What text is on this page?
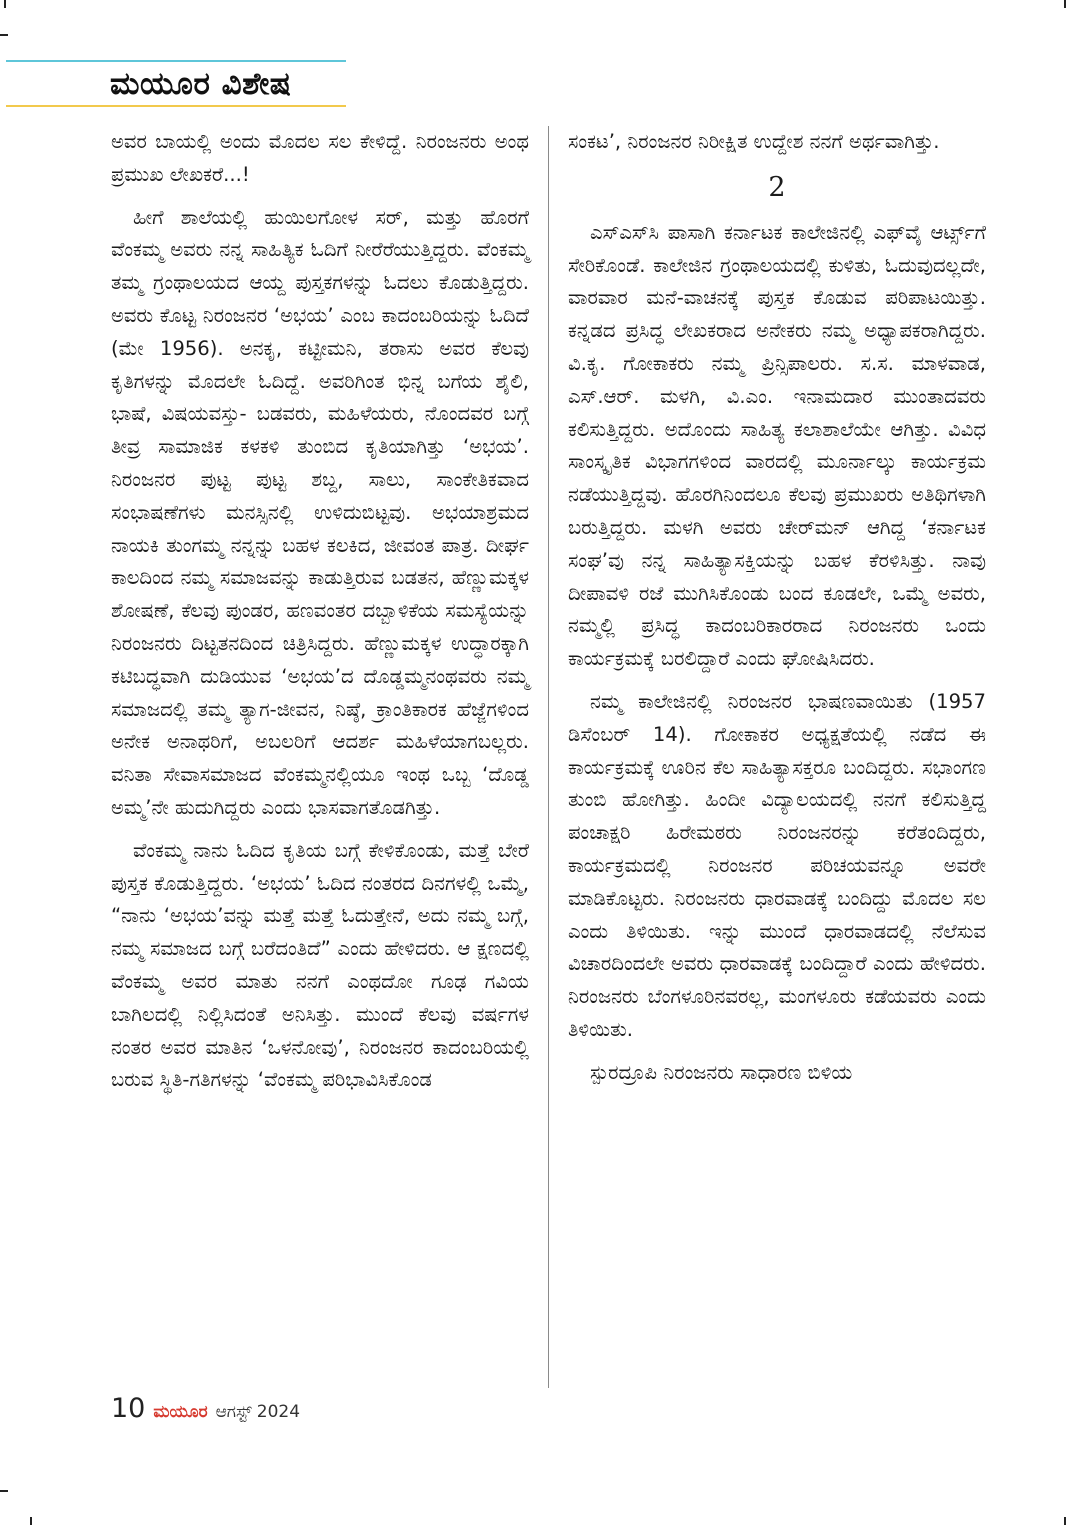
ಮಯೂರ ವಿಶೇಷ

ಅವರ ಬಾಯಲ್ಲಿ ಅಂದು ಮೊದಲ ಸಲ ಕೇಳಿದ್ದೆ. ನಿರಂಜನರು ಅಂಥ ಪ್ರಮುಖ ಲೇಖಕರೆ...!

ಹೀಗೆ ಶಾಲೆಯಲ್ಲಿ ಹುಯಿಲಗೋಳ ಸರ್, ಮತ್ತು ಹೊರಗೆ ವೆಂಕಮ್ಮ ಅವರು ನನ್ನ ಸಾಹಿತ್ಯಿಕ ಓದಿಗೆ ನೀರೆರೆಯುತ್ತಿದ್ದರು. ವೆಂಕಮ್ಮ ತಮ್ಮ ಗ್ರಂಥಾಲಯದ ಆಯ್ದ ಪುಸ್ತಕಗಳನ್ನು ಓದಲು ಕೊಡುತ್ತಿದ್ದರು. ಅವರು ಕೊಟ್ಟ ನಿರಂಜನರ ‘ಅಭಯ’ ಎಂಬ ಕಾದಂಬರಿಯನ್ನು ಓದಿದೆ (ಮೇ 1956). ಅನಕೃ, ಕಟ್ಟೀಮನಿ, ತರಾಸು ಅವರ ಕೆಲವು ಕೃತಿಗಳನ್ನು ಮೊದಲೇ ಓದಿದ್ದೆ. ಅವರಿಗಿಂತ ಭಿನ್ನ ಬಗೆಯ ಶೈಲಿ, ಭಾಷೆ, ವಿಷಯವಸ್ತು- ಬಡವರು, ಮಹಿಳೆಯರು, ನೊಂದವರ ಬಗ್ಗೆ ತೀವ್ರ ಸಾಮಾಜಿಕ ಕಳಕಳಿ ತುಂಬಿದ ಕೃತಿಯಾಗಿತ್ತು ‘ಅಭಯ’. ನಿರಂಜನರ ಪುಟ್ಟ ಪುಟ್ಟ ಶಬ್ದ, ಸಾಲು, ಸಾಂಕೇತಿಕವಾದ ಸಂಭಾಷಣೆಗಳು ಮನಸ್ಸಿನಲ್ಲಿ ಉಳಿದುಬಿಟ್ಟವು. ಅಭಯಾಶ್ರಮದ ನಾಯಕಿ ತುಂಗಮ್ಮ ನನ್ನನ್ನು ಬಹಳ ಕಲಕಿದ, ಜೀವಂತ ಪಾತ್ರ. ದೀರ್ಘ ಕಾಲದಿಂದ ನಮ್ಮ ಸಮಾಜವನ್ನು ಕಾಡುತ್ತಿರುವ ಬಡತನ, ಹೆಣ್ಣುಮಕ್ಕಳ ಶೋಷಣೆ, ಕೆಲವು ಪುಂಡರ, ಹಣವಂತರ ದಬ್ಬಾಳಿಕೆಯ ಸಮಸ್ಯೆಯನ್ನು ನಿರಂಜನರು ದಿಟ್ಟತನದಿಂದ ಚಿತ್ರಿಸಿದ್ದರು. ಹೆಣ್ಣುಮಕ್ಕಳ ಉದ್ಧಾರಕ್ಕಾಗಿ ಕಟಿಬದ್ಧವಾಗಿ ದುಡಿಯುವ ‘ಅಭಯ’ದ ದೊಡ್ಡಮ್ಮನಂಥವರು ನಮ್ಮ ಸಮಾಜದಲ್ಲಿ ತಮ್ಮ ತ್ಯಾಗ-ಜೀವನ, ನಿಷ್ಠೆ, ಕ್ರಾಂತಿಕಾರಕ ಹೆಜ್ಜೆಗಳಿಂದ ಅನೇಕ ಅನಾಥರಿಗೆ, ಅಬಲರಿಗೆ ಆದರ್ಶ ಮಹಿಳೆಯಾಗಬಲ್ಲರು. ವನಿತಾ ಸೇವಾಸಮಾಜದ ವೆಂಕಮ್ಮನಲ್ಲಿಯೂ ಇಂಥ ಒಬ್ಬ ‘ದೊಡ್ಡ ಅಮ್ಮ’ನೇ ಹುದುಗಿದ್ದರು ಎಂದು ಭಾಸವಾಗತೊಡಗಿತ್ತು.

ವೆಂಕಮ್ಮ ನಾನು ಓದಿದ ಕೃತಿಯ ಬಗ್ಗೆ ಕೇಳಿಕೊಂಡು, ಮತ್ತೆ ಬೇರೆ ಪುಸ್ತಕ ಕೊಡುತ್ತಿದ್ದರು. ‘ಅಭಯ’ ಓದಿದ ನಂತರದ ದಿನಗಳಲ್ಲಿ ಒಮ್ಮೆ, “ನಾನು ‘ಅಭಯ’ವನ್ನು ಮತ್ತೆ ಮತ್ತೆ ಓದುತ್ತೇನೆ, ಅದು ನಮ್ಮ ಬಗ್ಗೆ, ನಮ್ಮ ಸಮಾಜದ ಬಗ್ಗೆ ಬರೆದಂತಿದೆ” ಎಂದು ಹೇಳಿದರು. ಆ ಕ್ಷಣದಲ್ಲಿ ವೆಂಕಮ್ಮ ಅವರ ಮಾತು ನನಗೆ ಎಂಥದೋ ಗೂಢ ಗವಿಯ ಬಾಗಿಲದಲ್ಲಿ ನಿಲ್ಲಿಸಿದಂತೆ ಅನಿಸಿತ್ತು. ಮುಂದೆ ಕೆಲವು ವರ್ಷಗಳ ನಂತರ ಅವರ ಮಾತಿನ ‘ಒಳನೋವು’, ನಿರಂಜನರ ಕಾದಂಬರಿಯಲ್ಲಿ ಬರುವ ಸ್ಥಿತಿ-ಗತಿಗಳನ್ನು ‘ವೆಂಕಮ್ಮ ಪರಿಭಾವಿಸಿಕೊಂಡ

ಸಂಕಟ’, ನಿರಂಜನರ ನಿರೀಕ್ಷಿತ ಉದ್ದೇಶ ನನಗೆ ಅರ್ಥವಾಗಿತ್ತು.

2

ಎಸ್‌ಎಸ್‌ಸಿ ಪಾಸಾಗಿ ಕರ್ನಾಟಕ ಕಾಲೇಜಿನಲ್ಲಿ ಎಫ್‌ವೈ ಆರ್ಟ್ಸ್‌ಗೆ ಸೇರಿಕೊಂಡೆ. ಕಾಲೇಜಿನ ಗ್ರಂಥಾಲಯದಲ್ಲಿ ಕುಳಿತು, ಓದುವುದಲ್ಲದೇ, ವಾರವಾರ ಮನೆ-ವಾಚನಕ್ಕೆ ಪುಸ್ತಕ ಕೊಡುವ ಪರಿಪಾಟಯಿತ್ತು. ಕನ್ನಡದ ಪ್ರಸಿದ್ಧ ಲೇಖಕರಾದ ಅನೇಕರು ನಮ್ಮ ಅಧ್ಯಾಪಕರಾಗಿದ್ದರು. ವಿ.ಕೃ. ಗೋಕಾಕರು ನಮ್ಮ ಪ್ರಿನ್ಸಿಪಾಲರು. ಸ.ಸ. ಮಾಳವಾಡ, ಎಸ್.ಆರ್. ಮಳಗಿ, ವಿ.ಎಂ. ಇನಾಮದಾರ ಮುಂತಾದವರು ಕಲಿಸುತ್ತಿದ್ದರು. ಅದೊಂದು ಸಾಹಿತ್ಯ ಕಲಾಶಾಲೆಯೇ ಆಗಿತ್ತು. ವಿವಿಧ ಸಾಂಸ್ಕೃತಿಕ ವಿಭಾಗಗಳಿಂದ ವಾರದಲ್ಲಿ ಮೂರ್ನಾಲ್ಕು ಕಾರ್ಯಕ್ರಮ ನಡೆಯುತ್ತಿದ್ದವು. ಹೊರಗಿನಿಂದಲೂ ಕೆಲವು ಪ್ರಮುಖರು ಅತಿಥಿಗಳಾಗಿ ಬರುತ್ತಿದ್ದರು. ಮಳಗಿ ಅವರು ಚೇರ್‌ಮನ್ ಆಗಿದ್ದ ‘ಕರ್ನಾಟಕ ಸಂಘ’ವು ನನ್ನ ಸಾಹಿತ್ಯಾಸಕ್ತಿಯನ್ನು ಬಹಳ ಕೆರಳಿಸಿತ್ತು. ನಾವು ದೀಪಾವಳಿ ರಜೆ ಮುಗಿಸಿಕೊಂಡು ಬಂದ ಕೂಡಲೇ, ಒಮ್ಮೆ ಅವರು, ನಮ್ಮಲ್ಲಿ ಪ್ರಸಿದ್ಧ ಕಾದಂಬರಿಕಾರರಾದ ನಿರಂಜನರು ಒಂದು ಕಾರ್ಯಕ್ರಮಕ್ಕೆ ಬರಲಿದ್ದಾರೆ ಎಂದು ಘೋಷಿಸಿದರು.

ನಮ್ಮ ಕಾಲೇಜಿನಲ್ಲಿ ನಿರಂಜನರ ಭಾಷಣವಾಯಿತು (1957 ಡಿಸೆಂಬರ್ 14). ಗೋಕಾಕರ ಅಧ್ಯಕ್ಷತೆಯಲ್ಲಿ ನಡೆದ ಈ ಕಾರ್ಯಕ್ರಮಕ್ಕೆ ಊರಿನ ಕೆಲ ಸಾಹಿತ್ಯಾಸಕ್ತರೂ ಬಂದಿದ್ದರು. ಸಭಾಂಗಣ ತುಂಬಿ ಹೋಗಿತ್ತು. ಹಿಂದೀ ವಿದ್ಯಾಲಯದಲ್ಲಿ ನನಗೆ ಕಲಿಸುತ್ತಿದ್ದ ಪಂಚಾಕ್ಷರಿ ಹಿರೇಮಠರು ನಿರಂಜನರನ್ನು ಕರೆತಂದಿದ್ದರು, ಕಾರ್ಯಕ್ರಮದಲ್ಲಿ ನಿರಂಜನರ ಪರಿಚಯವನ್ನೂ ಅವರೇ ಮಾಡಿಕೊಟ್ಟರು. ನಿರಂಜನರು ಧಾರವಾಡಕ್ಕೆ ಬಂದಿದ್ದು ಮೊದಲ ಸಲ ಎಂದು ತಿಳಿಯಿತು. ಇನ್ನು ಮುಂದೆ ಧಾರವಾಡದಲ್ಲಿ ನೆಲೆಸುವ ವಿಚಾರದಿಂದಲೇ ಅವರು ಧಾರವಾಡಕ್ಕೆ ಬಂದಿದ್ದಾರೆ ಎಂದು ಹೇಳಿದರು. ನಿರಂಜನರು ಬೆಂಗಳೂರಿನವರಲ್ಲ, ಮಂಗಳೂರು ಕಡೆಯವರು ಎಂದು ತಿಳಿಯಿತು.

ಸ್ಪುರದ್ರೂಪಿ ನಿರಂಜನರು ಸಾಧಾರಣ ಬಿಳಿಯ

10 ಮಯೂರ ಆಗಸ್ಟ್ 2024
